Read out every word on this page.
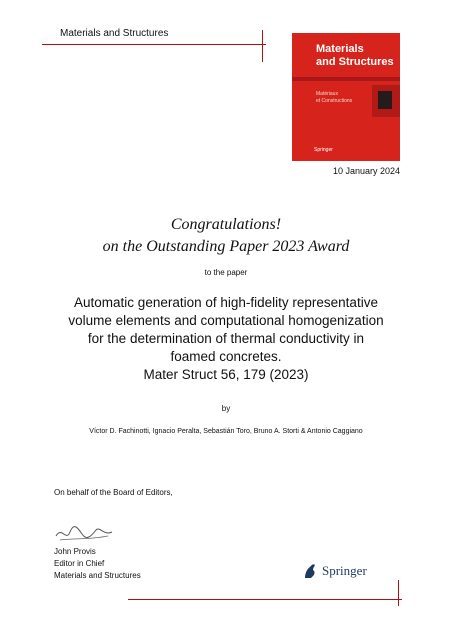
Materials and Structures
Materials
and Structures
Matériaux
et Constructions
Springer
10 January 2024
Congratulations!
on the Outstanding Paper 2023 Award
to the paper
Automatic generation of high-fidelity representative
volume elements and computational homogenization
for the determination of thermal conductivity in
foamed concretes.
Mater Struct 56, 179 (2023)
by
Víctor D. Fachinotti, Ignacio Peralta, Sebastián Toro, Bruno A. Storti & Antonio Caggiano
On behalf of the Board of Editors,
John Provis
Editor in Chief
Materials and Structures	Springer
